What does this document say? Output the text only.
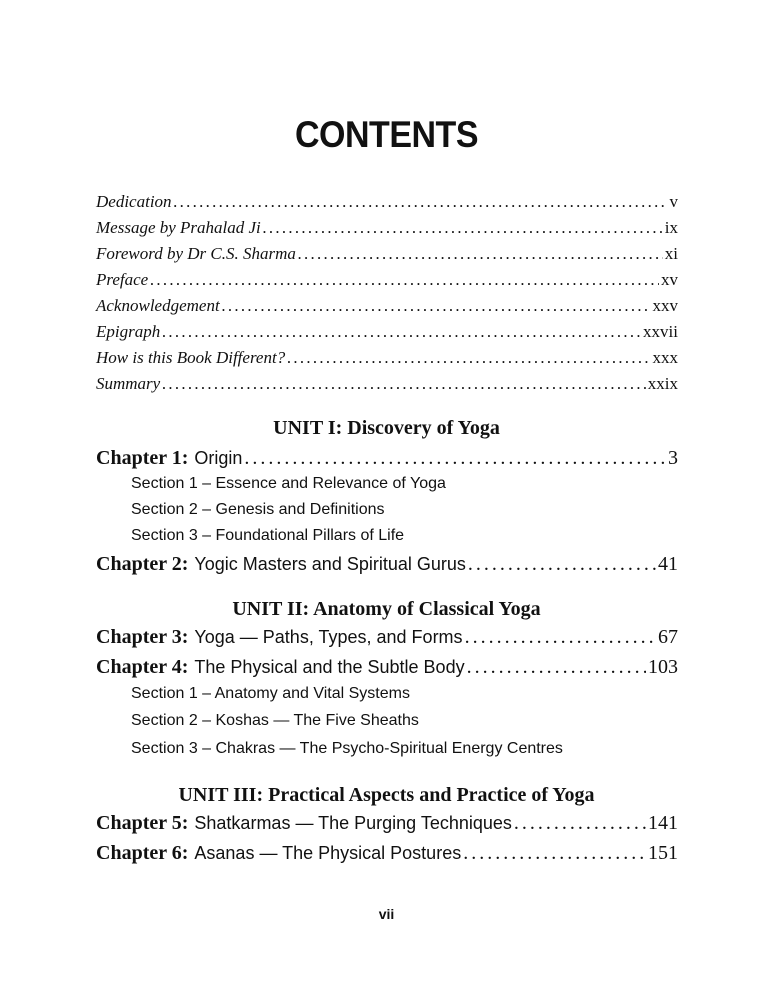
CONTENTS
Dedication . . .	v
Message by Prahalad Ji . . .	ix
Foreword by Dr C.S. Sharma . . .	xi
Preface . . .	xv
Acknowledgement . . .	xxv
Epigraph . . .	xxvii
How is this Book Different? . . .	xxx
Summary . . .	xxix
UNIT I: Discovery of Yoga
Chapter 1: Origin . . .	3
Section 1 – Essence and Relevance of Yoga
Section 2 – Genesis and Definitions
Section 3 – Foundational Pillars of Life
Chapter 2: Yogic Masters and Spiritual Gurus . . .	41
UNIT II: Anatomy of Classical Yoga
Chapter 3: Yoga — Paths, Types, and Forms . . .	67
Chapter 4: The Physical and the Subtle Body . . .	103
Section 1 – Anatomy and Vital Systems
Section 2 – Koshas — The Five Sheaths
Section 3 – Chakras — The Psycho-Spiritual Energy Centres
UNIT III: Practical Aspects and Practice of Yoga
Chapter 5: Shatkarmas — The Purging Techniques . . .	141
Chapter 6: Asanas — The Physical Postures . . .	151
vii
